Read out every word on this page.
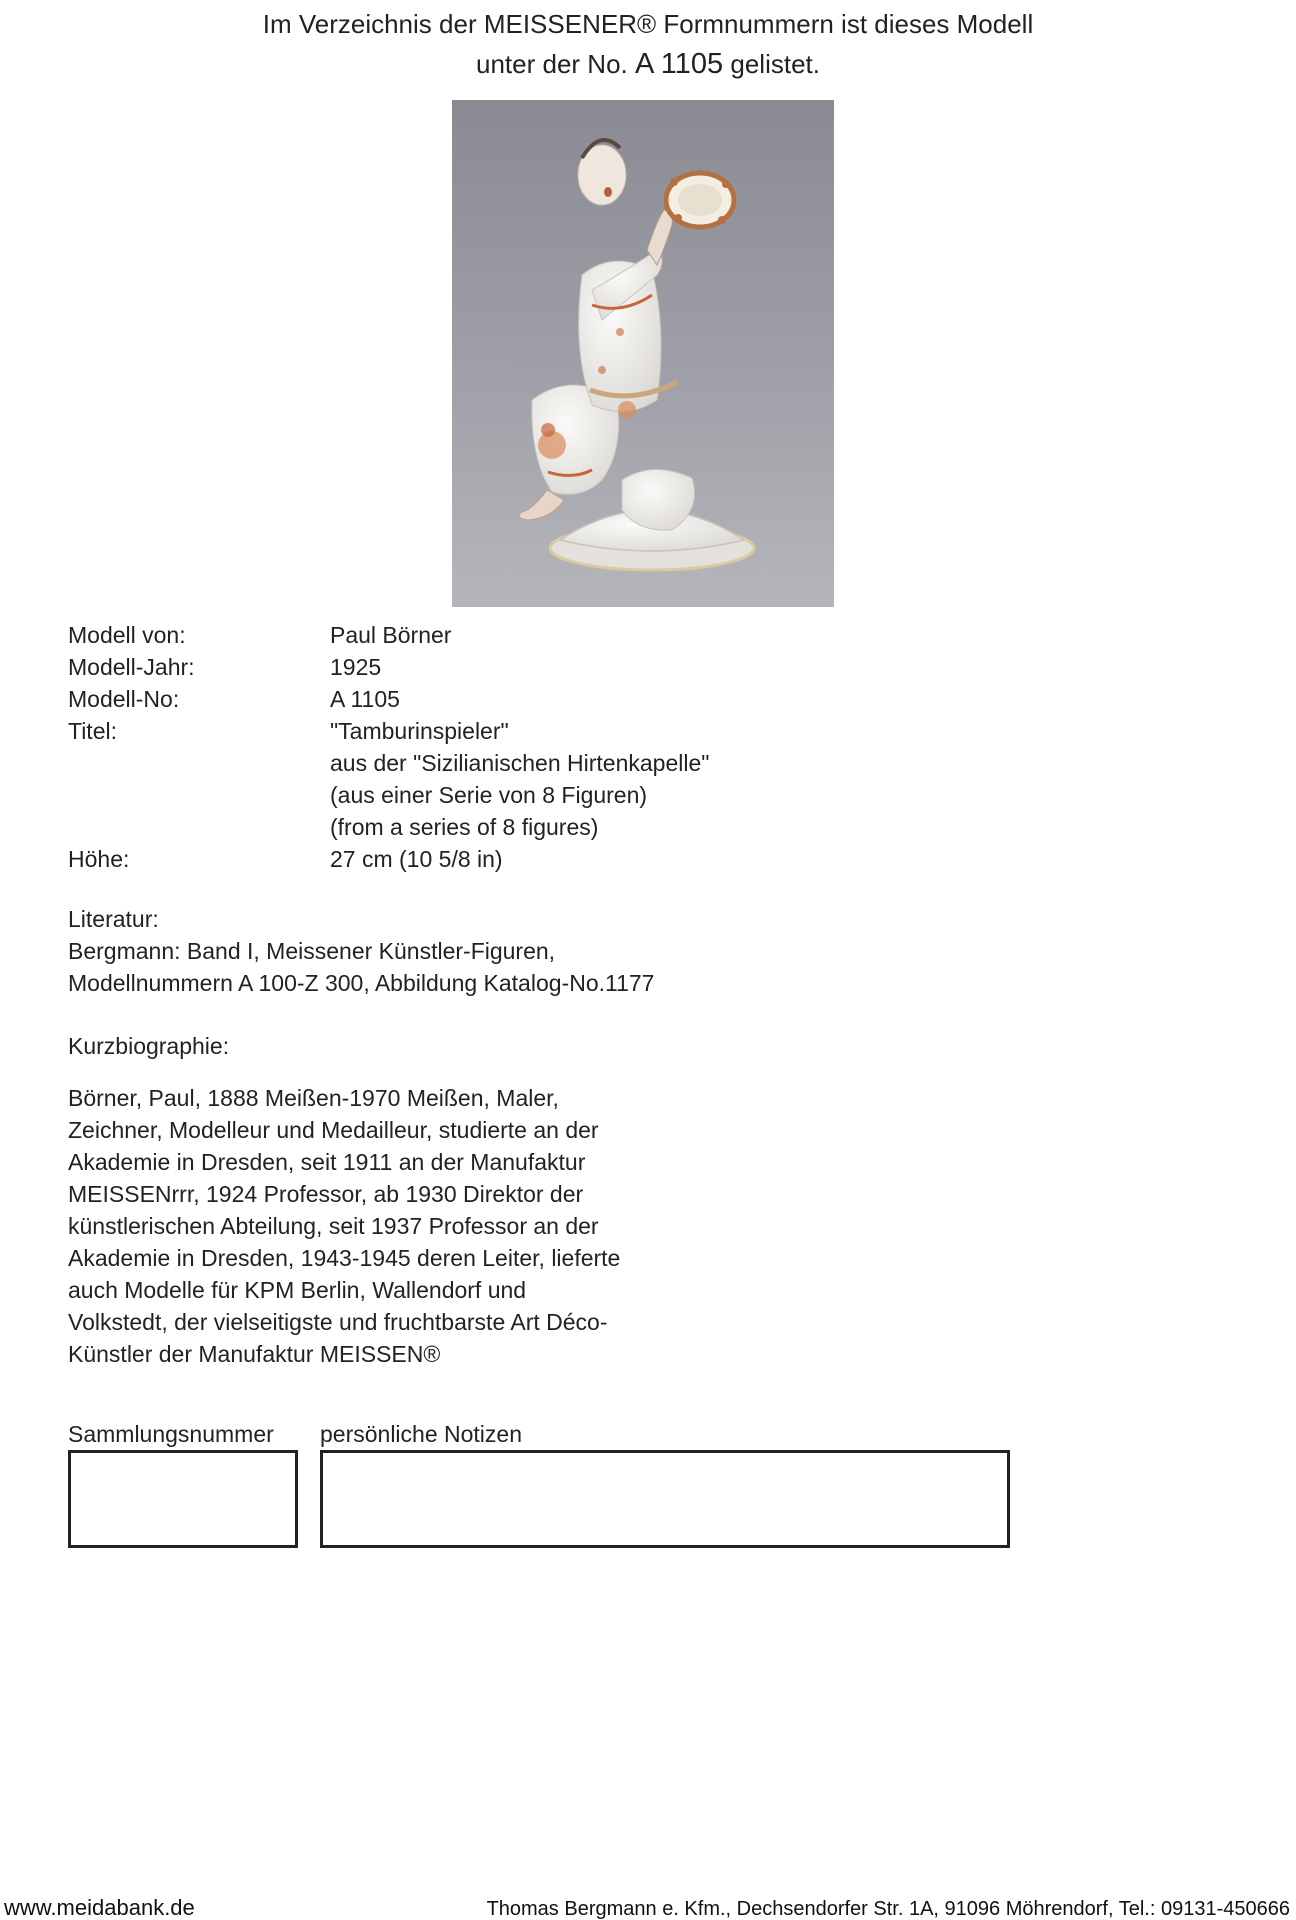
Im Verzeichnis der MEISSENER® Formnummern ist dieses Modell
unter der No. A 1105 gelistet.
Modell von:	Paul Börner
Modell-Jahr:	1925
Modell-No:	A 1105
Titel:	"Tamburinspieler"
aus der "Sizilianischen Hirtenkapelle"
(aus einer Serie von 8 Figuren)
(from a series of 8 figures)
Höhe:	27 cm (10 5/8 in)
Literatur:
Bergmann: Band I, Meissener Künstler-Figuren,
Modellnummern A 100-Z 300, Abbildung Katalog-No.1177
Kurzbiographie:
Börner, Paul, 1888 Meißen-1970 Meißen, Maler,
Zeichner, Modelleur und Medailleur, studierte an der
Akademie in Dresden, seit 1911 an der Manufaktur
MEISSENrrr, 1924 Professor, ab 1930 Direktor der
künstlerischen Abteilung, seit 1937 Professor an der
Akademie in Dresden, 1943-1945 deren Leiter, lieferte
auch Modelle für KPM Berlin, Wallendorf und
Volkstedt, der vielseitigste und fruchtbarste Art Déco-
Künstler der Manufaktur MEISSEN®
Sammlungsnummer persönliche Notizen
www.meidabank.de	Thomas Bergmann e. Kfm., Dechsendorfer Str. 1A, 91096 Möhrendorf, Tel.: 09131-450666
